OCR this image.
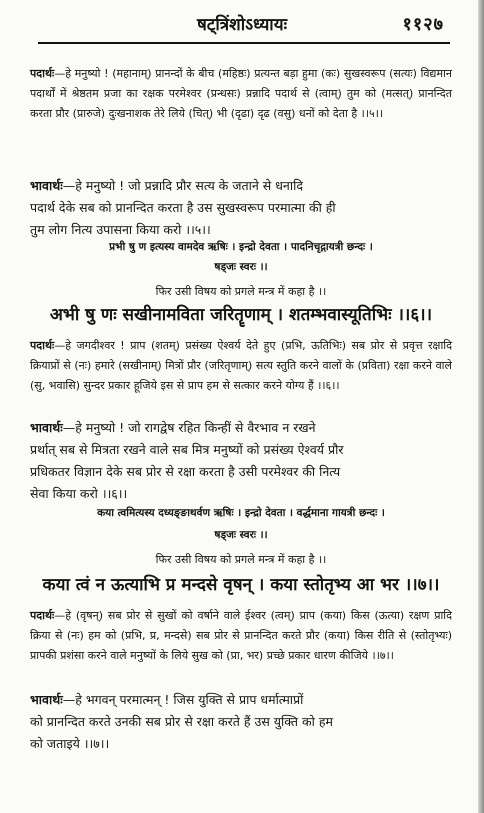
षट्त्रिंशोऽध्यायः	११२७

पदार्थः—हे मनुष्यो ! (महानाम्) प्रानन्दों के बीच (महिष्ठः) प्रत्यन्त बड़ा हुमा (कः) सुखस्वरूप (सत्यः) विद्यमान पदार्थों में श्रेष्ठतम प्रजा का रक्षक परमेश्वर (प्रन्धसः) प्रन्नादि पदार्थ से (त्वाम्) तुम को (मत्सत्) प्रानन्दित करता प्रौर (प्रारुजे) दुःखनाशक तेरे लिये (चित्) भी (दृढा) दृढ (वसु) धनों को देता है ।।५।।

भावार्थः—हे मनुष्यो ! जो प्रन्नादि प्रौर सत्य के जताने से धनादि

पदार्थ देके सब को प्रानन्दित करता है उस सुखस्वरूप परमात्मा की ही

तुम लोग नित्य उपासना किया करो ।।५।।

प्रभी षु ण इत्यस्य वामदेव ऋषिः । इन्द्रो देवता । पादनिचृद्गायत्री छन्दः ।

षड्जः स्वरः ।।

फिर उसी विषय को प्रगले मन्त्र में कहा है ।।

अभी षु णः सखीनामविता जरितॄणाम् । शतम्भवास्यूतिभिः ।।६।।

पदार्थः—हे जगदीश्वर ! प्राप (शतम्) प्रसंख्य ऐश्वर्य देते हुए (प्रभि, ऊतिभिः) सब प्रोर से प्रवृत्त रक्षादि क्रियाप्रों से (नः) हमारे (सखीनाम्) मित्रों प्रौर (जरितृणाम्) सत्य स्तुति करने वालों के (प्रविता) रक्षा करने वाले (सु, भवासि) सुन्दर प्रकार हूजिये इस से प्राप हम से सत्कार करने योग्य हैं ।।६।।

भावार्थः—हे मनुष्यो ! जो रागद्वेष रहित किन्हीं से वैरभाव न रखने

प्रर्थात् सब से मित्रता रखने वाले सब मित्र मनुष्यों को प्रसंख्य ऐश्वर्य प्रौर

प्रधिकतर विज्ञान देके सब प्रोर से रक्षा करता है उसी परमेश्वर की नित्य

सेवा किया करो ।।६।।

कया त्वमित्यस्य दध्यङ्ङाथर्वण ऋषिः । इन्द्रो देवता । वर्द्धमाना गायत्री छन्दः ।

षड्जः स्वरः ।।

फिर उसी विषय को प्रगले मन्त्र में कहा है ।।

कया त्वं न ऊत्याभि प्र मन्दसे वृषन् । कया स्तोतृभ्य आ भर ।।७।।

पदार्थः—हे (वृषन्) सब प्रोर से सुखों को वर्षाने वाले ईश्वर (त्वम्) प्राप (कया) किस (ऊत्या) रक्षण प्रादि क्रिया से (नः) हम को (प्रभि, प्र, मन्दसे) सब प्रोर से प्रानन्दित करते प्रौर (कया) किस रीति से (स्तोतृभ्यः) प्रापकी प्रशंसा करने वाले मनुष्यों के लिये सुख को (प्रा, भर) प्रच्छे प्रकार धारण कीजिये ।।७।।

भावार्थः—हे भगवन् परमात्मन् ! जिस युक्ति से प्राप धर्मात्माप्रों

को प्रानन्दित करते उनकी सब प्रोर से रक्षा करते हैं उस युक्ति को हम

को जताइये ।।७।।
